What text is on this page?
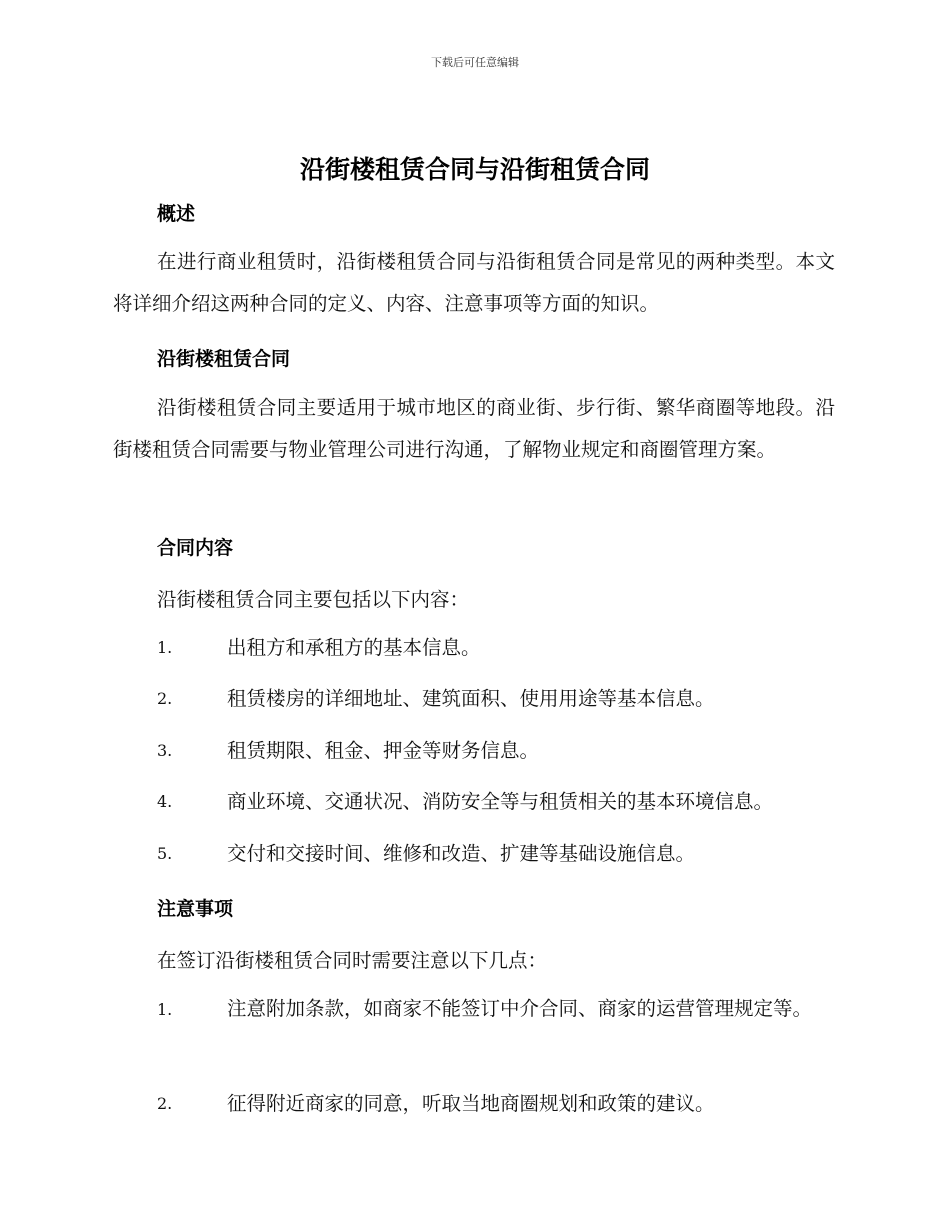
下载后可任意编辑
沿街楼租赁合同与沿街租赁合同
概述

在进行商业租赁时，沿街楼租赁合同与沿街租赁合同是常见的两种类型。本文将详细介绍这两种合同的定义、内容、注意事项等方面的知识。

沿街楼租赁合同

沿街楼租赁合同主要适用于城市地区的商业街、步行街、繁华商圈等地段。沿街楼租赁合同需要与物业管理公司进行沟通，了解物业规定和商圈管理方案。

合同内容
沿街楼租赁合同主要包括以下内容：
1.	出租方和承租方的基本信息。
2.	租赁楼房的详细地址、建筑面积、使用用途等基本信息。
3.	租赁期限、租金、押金等财务信息。
4.	商业环境、交通状况、消防安全等与租赁相关的基本环境信息。
5.	交付和交接时间、维修和改造、扩建等基础设施信息。
注意事项
在签订沿街楼租赁合同时需要注意以下几点：

1.	注意附加条款，如商家不能签订中介合同、商家的运营管理规定等。

2.	征得附近商家的同意，听取当地商圈规划和政策的建议。
